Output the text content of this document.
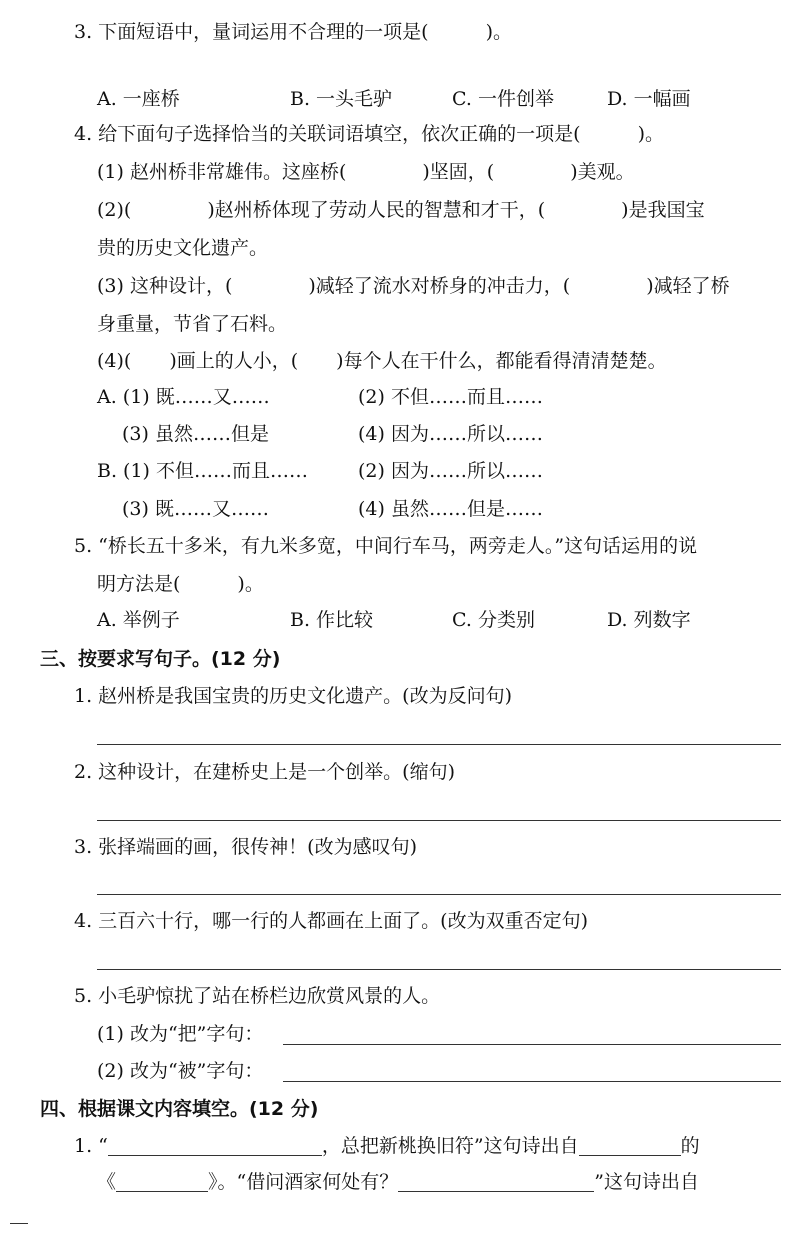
3. 下面短语中，量词运用不合理的一项是(　　　)。
A. 一座桥	B. 一头毛驴	C. 一件创举	D. 一幅画
4. 给下面句子选择恰当的关联词语填空，依次正确的一项是(　　　)。
(1) 赵州桥非常雄伟。这座桥(　　　　)坚固，(　　　　)美观。
(2)(　　　　)赵州桥体现了劳动人民的智慧和才干，(　　　　)是我国宝
贵的历史文化遗产。
(3) 这种设计，(　　　　)减轻了流水对桥身的冲击力，(　　　　)减轻了桥
身重量，节省了石料。
(4)(　　)画上的人小，(　　)每个人在干什么，都能看得清清楚楚。
A. (1) 既……又……	(2) 不但……而且……
(3) 虽然……但是	(4) 因为……所以……
B. (1) 不但……而且……	(2) 因为……所以……
(3) 既……又……	(4) 虽然……但是……
5. “桥长五十多米，有九米多宽，中间行车马，两旁走人。”这句话运用的说
明方法是(　　　)。
A. 举例子	B. 作比较	C. 分类别	D. 列数字
三、按要求写句子。(12 分)
1. 赵州桥是我国宝贵的历史文化遗产。(改为反问句)
2. 这种设计，在建桥史上是一个创举。(缩句)
3. 张择端画的画，很传神！(改为感叹句)
4. 三百六十行，哪一行的人都画在上面了。(改为双重否定句)
5. 小毛驴惊扰了站在桥栏边欣赏风景的人。
(1) 改为“把”字句：
(2) 改为“被”字句：
四、根据课文内容填空。(12 分)
1. “	，总把新桃换旧符”这句诗出自	的
《	》。“借问酒家何处有？	”这句诗出自
